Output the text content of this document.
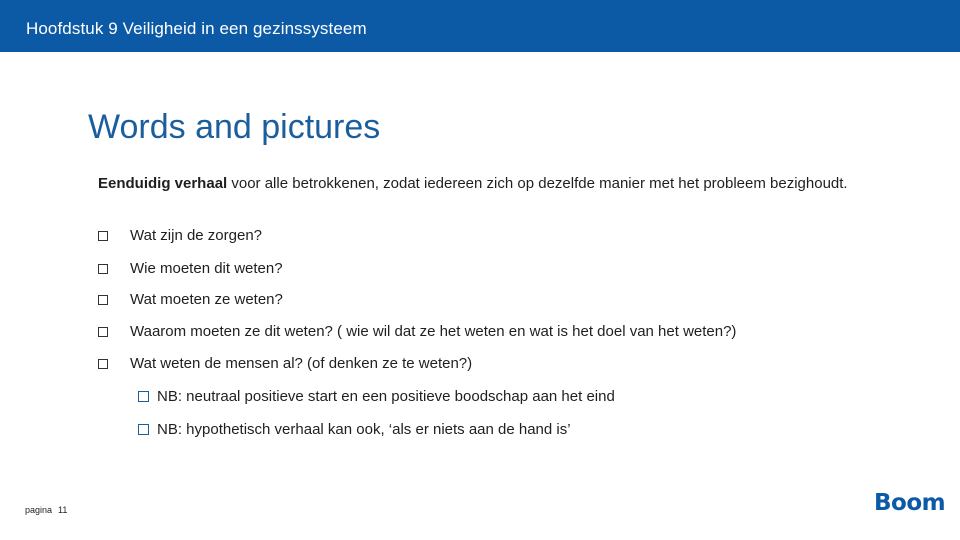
Hoofdstuk 9 Veiligheid in een gezinssysteem
Words and pictures

Eenduidig verhaal voor alle betrokkenen, zodat iedereen zich op dezelfde manier met het probleem bezighoudt.

Wat zijn de zorgen?
Wie moeten dit weten?
Wat moeten ze weten?
Waarom moeten ze dit weten? ( wie wil dat ze het weten en wat is het doel van het weten?)
Wat weten de mensen al? (of denken ze te weten?)
NB: neutraal positieve start en een positieve boodschap aan het eind
NB: hypothetisch verhaal kan ook, ‘als er niets aan de hand is’
pagina 11	Boom
